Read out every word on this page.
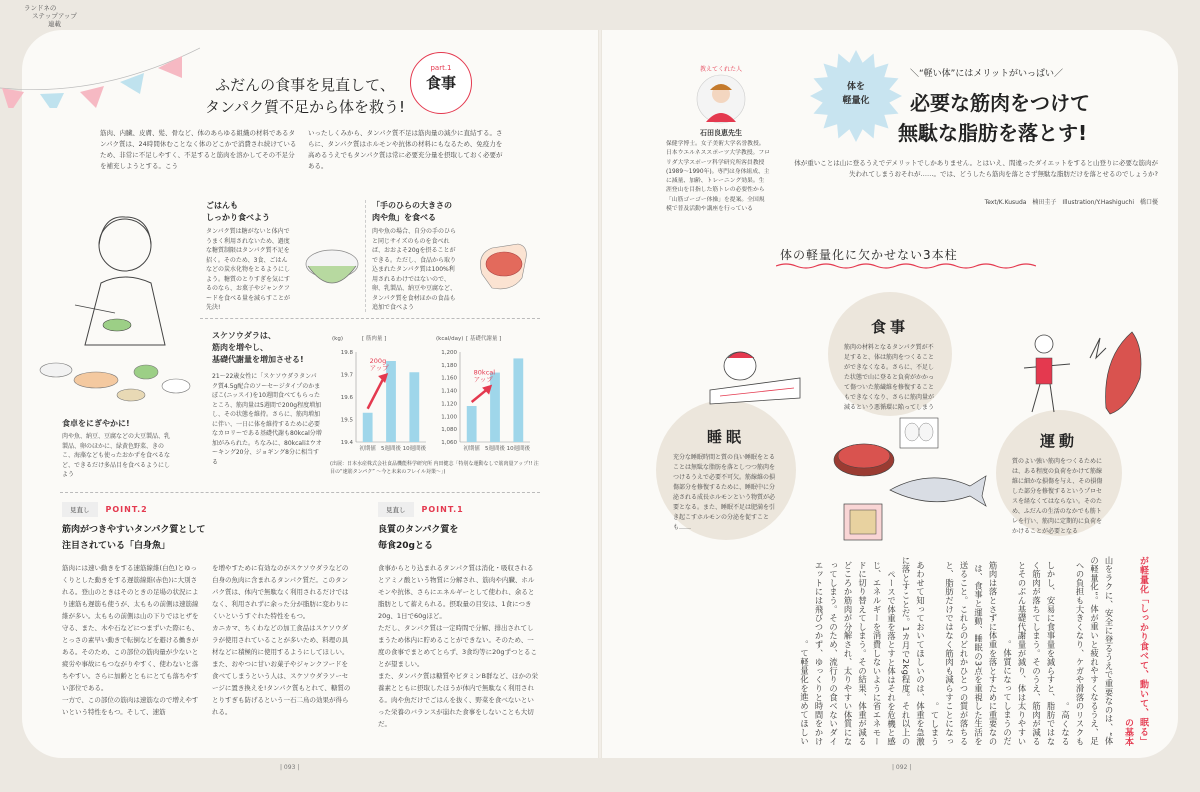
ランドネの
ステップアップ
連載
ふだんの食事を見直して、
タンパク質不足から体を救う!
part.1
食事
筋肉、内臓、皮膚、髪、骨など、体のあらゆる組織の材料であるタンパク質は、24時間休むことなく体のどこかで消費され続けているため、非常に不足しやすく、不足すると筋肉を溶かしてその不足分を補充しようとする。こう
いったしくみから、タンパク質不足は筋肉量の減少に直結する。さらに、タンパク質はホルモンや抗体の材料にもなるため、免疫力を高めるうえでもタンパク質は常に必要充分量を摂取しておく必要がある。
食卓をにぎやかに!
肉や魚、納豆、豆腐などの大豆製品、乳製品、卵のほかに、緑黄色野菜、きのこ、海藻なども使ったおかずを食べるなど、できるだけ多品目を食べるようにしよう
ごはんも
しっかり食べよう
タンパク質は糖がないと体内でうまく利用されないため、過度な糖質制限はタンパク質不足を招く。そのため、3食、ごはんなどの炭水化物をとるようにしよう。糖質のとりすぎを気にするのなら、お菓子やジャンクフードを食べる量を減らすことが先決!
「手のひらの大きさの
肉や魚」を食べる
肉や魚の場合、自分の手のひらと同じサイズのものを食べれば、おおよそ20gを摂ることができる。ただし、食品から取り込まれたタンパク質は100%利用されるわけではないので、卵、乳製品、納豆や豆腐など、タンパク質を食材ほかの食品も追加で食べよう
スケソウダラは、
筋肉を増やし、
基礎代謝量を増加させる!
21～22歳女性に「スケソウダラタンパク質4.5g配合のソーセージタイプのかまぼこ(ニッスイ)を10週間食べてもらったところ、筋肉量は5週間で200g程度増加し、その状態を維持。さらに、筋肉増加に伴い、一日に体を維持するために必要なカロリーである基礎代謝も80kcal分増加がみられた。ちなみに、80kcalはウオーキング20分、ジョギング8分に相当する
(kg)	[ 筋肉量 ]
19.8
19.7
19.6
19.5
19.4
初期値 5週間後 10週間後
200g
アップ
(kcal/day) [ 基礎代謝量 ]
1,200
1,180
1,160
1,140
1,120
1,100
1,080
1,060
初期値 5週間後 10週間後
80kcal
アップ
(出展：日本水産株式会社食品機能科学研究所 内田健志「特別な運動なしで筋肉量アップ!! 注目の“速筋タンパク” ～今と未来のフレイル対策～」)
見直し	POINT.2
筋肉がつきやすいタンパク質として
注目されている「白身魚」
筋肉には速い動きをする速筋線維(白色)とゆっくりとした動きをする遅筋線維(赤色)に大別される。登山のときはそのときの足場の状況により速筋も遅筋も使うが、太ももの前側は速筋線維が多い。太ももの前側は山の下りではヒザを守る、また、木や石などにつまずいた際にも、とっさの素早い動きで転倒などを避ける働きがある。そのため、この部位の筋肉量が少ないと疲労や事故にもつながりやすく、使わないと落ちやすい。さらに加齢とともにとても落ちやすい部位である。
一方で、この部位の筋肉は速筋なので増えやすいという特性をもつ。そして、速筋
を増やすために有効なのがスケソウダラなどの白身の魚肉に含まれるタンパク質だ。このタンパク質は、体内で無駄なく利用されるだけではなく、利用されずに余った分が脂肪に変わりにくいというすぐれた特性をもつ。
カニカマ、ちくわなどの加工食品はスケソウダラが使用されていることが多いため、料理の具材などに積極的に使用するようにしてほしい。また、おやつに甘いお菓子やジャンクフードを食べてしまうという人は、スケソウダラソーセージに置き換えを!タンパク質もとれて、糖質のとりすぎも防げるという一石二鳥の効果が得られる。
見直し	POINT.1
良質のタンパク質を
毎食20gとる
食事からとり込まれるタンパク質は消化・吸収されるとアミノ酸という物質に分解され、筋肉や内臓、ホルモンや抗体、さらにエネルギーとして使われ、余ると脂肪として蓄えられる。摂取量の目安は、1食につき20g、1日で60gほど。
ただし、タンパク質は一定時間で分解、排出されてしまうため体内に貯めることができない。そのため、一度の食事でまとめてとらず、3食均等に20gずつとることが望ましい。
また、タンパク質は糖質やビタミンB群など、ほかの栄養素とともに摂取したほうが体内で無駄なく利用される。肉や魚だけでごはんを抜く、野菜を食べないといった栄養のバランスが崩れた食事をしないことも大切だ。
| 093 |
教えてくれた人
石田良恵先生
保健学博士。女子美術大学名誉教授。日本ウエルネススポーツ大学教授。フロリダ大学スポーツ科学研究所客員教授(1989～1990年)。専門は身体組成、主に減量、加齢、トレーニング効果。生涯登山を目指した筋トレの必要性から「山筋ゴーゴー体操」を提案。全国規模で普及活動や講座を行っている
体を
軽量化
＼“軽い体”にはメリットがいっぱい／
必要な筋肉をつけて
無駄な脂肪を落とす!
体が重いことは山に登るうえでデメリットでしかありません。とはいえ、間違ったダイエットをすると山登りに必要な筋肉が失われてしまうおそれが……。では、どうしたら筋肉を落とさず無駄な脂肪だけを落とせるのでしょうか?
Text/K.Kusuda　楠田圭子　Illustration/Y.Hashiguchi　橋口優
体の軽量化に欠かせない3本柱
食事
筋肉の材料となるタンパク質が不足すると、体は筋肉をつくることができなくなる。さらに、不足した状態で山に登ると負荷がかかって傷ついた筋繊維を修復することもできなくなり、さらに筋肉量が減るという悪循環に陥ってしまう
睡眠
充分な睡眠時間と質の良い睡眠をとることは無駄な脂肪を落としつつ筋肉をつけるうえで必要不可欠。筋線維の損傷部分を修復するために、睡眠中に分泌される成長ホルモンという物質が必要となる。また、睡眠不足は肥満を引き起こすホルモンの分泌を促すことも……
運動
質のよい強い筋肉をつくるためには、ある程度の負荷をかけて筋線維に細かな損傷を与え、その損傷した部分を修復するというプロセスを経なくてはならない。そのため、ふだんの生活のなかでも筋トレを行い、筋肉に定期的に負荷をかけることが必要となる
「しっかり食べて、動いて、眠る」が軽量化の基本
山をラクに、安全に登るうえで重要なのは、“体の軽量化”。体が重いと疲れやすくなるうえ、足への負担も大きくなり、ケガや滑落のリスクも高くなる。
しかし、安易に食事量を減らすと、脂肪ではなく筋肉が落ちてしまう。そのうえ、筋肉が減るとそのぶん基礎代謝量が減り、体は太りやすい体質になってしまうのだ。
筋肉は落とさずに体重を落とすために重要なのは、食事と運動、睡眠の3点を重視した生活を送ること。これらのどれかひとつの質が落ちると、脂肪だけではなく筋肉も減らすことになってしまう。
あわせて知っておいてほしいのは、体重を急激に落とすことだ。1カ月で2kg程度。それ以上のペースで体重を落とすと体はそれを危機と感じ、エネルギーを消費しないように省エネモードに切り替えてしまう。その結果、体重が減るどころか筋肉が分解され、太りやすい体質になってしまう。そのため、流行りの食べないダイエットには飛びつかず、ゆっくりと時間をかけて軽量化を進めてほしい。
| 092 |
